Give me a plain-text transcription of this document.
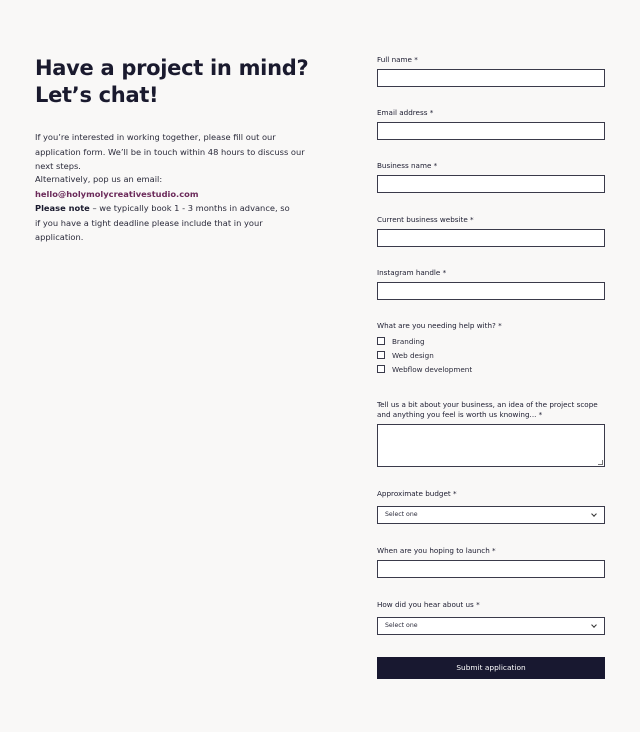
Have a project in mind?
Let’s chat!

If you’re interested in working together, please fill out our application form. We’ll be in touch within 48 hours to discuss our next steps.

Alternatively, pop us an email: hello@holymolycreativestudio.com

Please note – we typically book 1 - 3 months in advance, so if you have a tight deadline please include that in your application.

Full name *
Email address *
Business name *
Current business website *
Instagram handle *
What are you needing help with? *
Branding
Web design
Webflow development
Tell us a bit about your business, an idea of the project scope and anything you feel is worth us knowing... *
Approximate budget *
Select one
When are you hoping to launch *
How did you hear about us *
Select one
Submit application
